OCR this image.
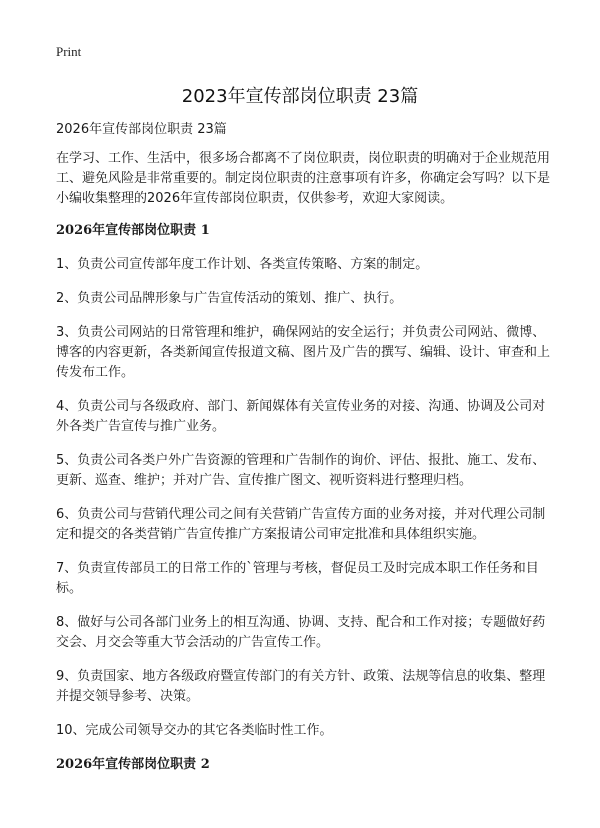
Print
2023年宣传部岗位职责 23篇

2026年宣传部岗位职责 23篇

在学习、工作、生活中，很多场合都离不了岗位职责，岗位职责的明确对于企业规范用工、避免风险是非常重要的。制定岗位职责的注意事项有许多，你确定会写吗？以下是小编收集整理的2026年宣传部岗位职责，仅供参考，欢迎大家阅读。

2026年宣传部岗位职责 1
1、负责公司宣传部年度工作计划、各类宣传策略、方案的制定。
2、负责公司品牌形象与广告宣传活动的策划、推广、执行。
3、负责公司网站的日常管理和维护，确保网站的安全运行；并负责公司网站、微博、博客的内容更新，各类新闻宣传报道文稿、图片及广告的撰写、编辑、设计、审查和上传发布工作。
4、负责公司与各级政府、部门、新闻媒体有关宣传业务的对接、沟通、协调及公司对外各类广告宣传与推广业务。
5、负责公司各类户外广告资源的管理和广告制作的询价、评估、报批、施工、发布、更新、巡查、维护；并对广告、宣传推广图文、视听资料进行整理归档。
6、负责公司与营销代理公司之间有关营销广告宣传方面的业务对接，并对代理公司制定和提交的各类营销广告宣传推广方案报请公司审定批准和具体组织实施。
7、负责宣传部员工的日常工作的`管理与考核，督促员工及时完成本职工作任务和目标。
8、做好与公司各部门业务上的相互沟通、协调、支持、配合和工作对接；专题做好药交会、月交会等重大节会活动的广告宣传工作。
9、负责国家、地方各级政府暨宣传部门的有关方针、政策、法规等信息的收集、整理并提交领导参考、决策。
10、完成公司领导交办的其它各类临时性工作。
2026年宣传部岗位职责 2
